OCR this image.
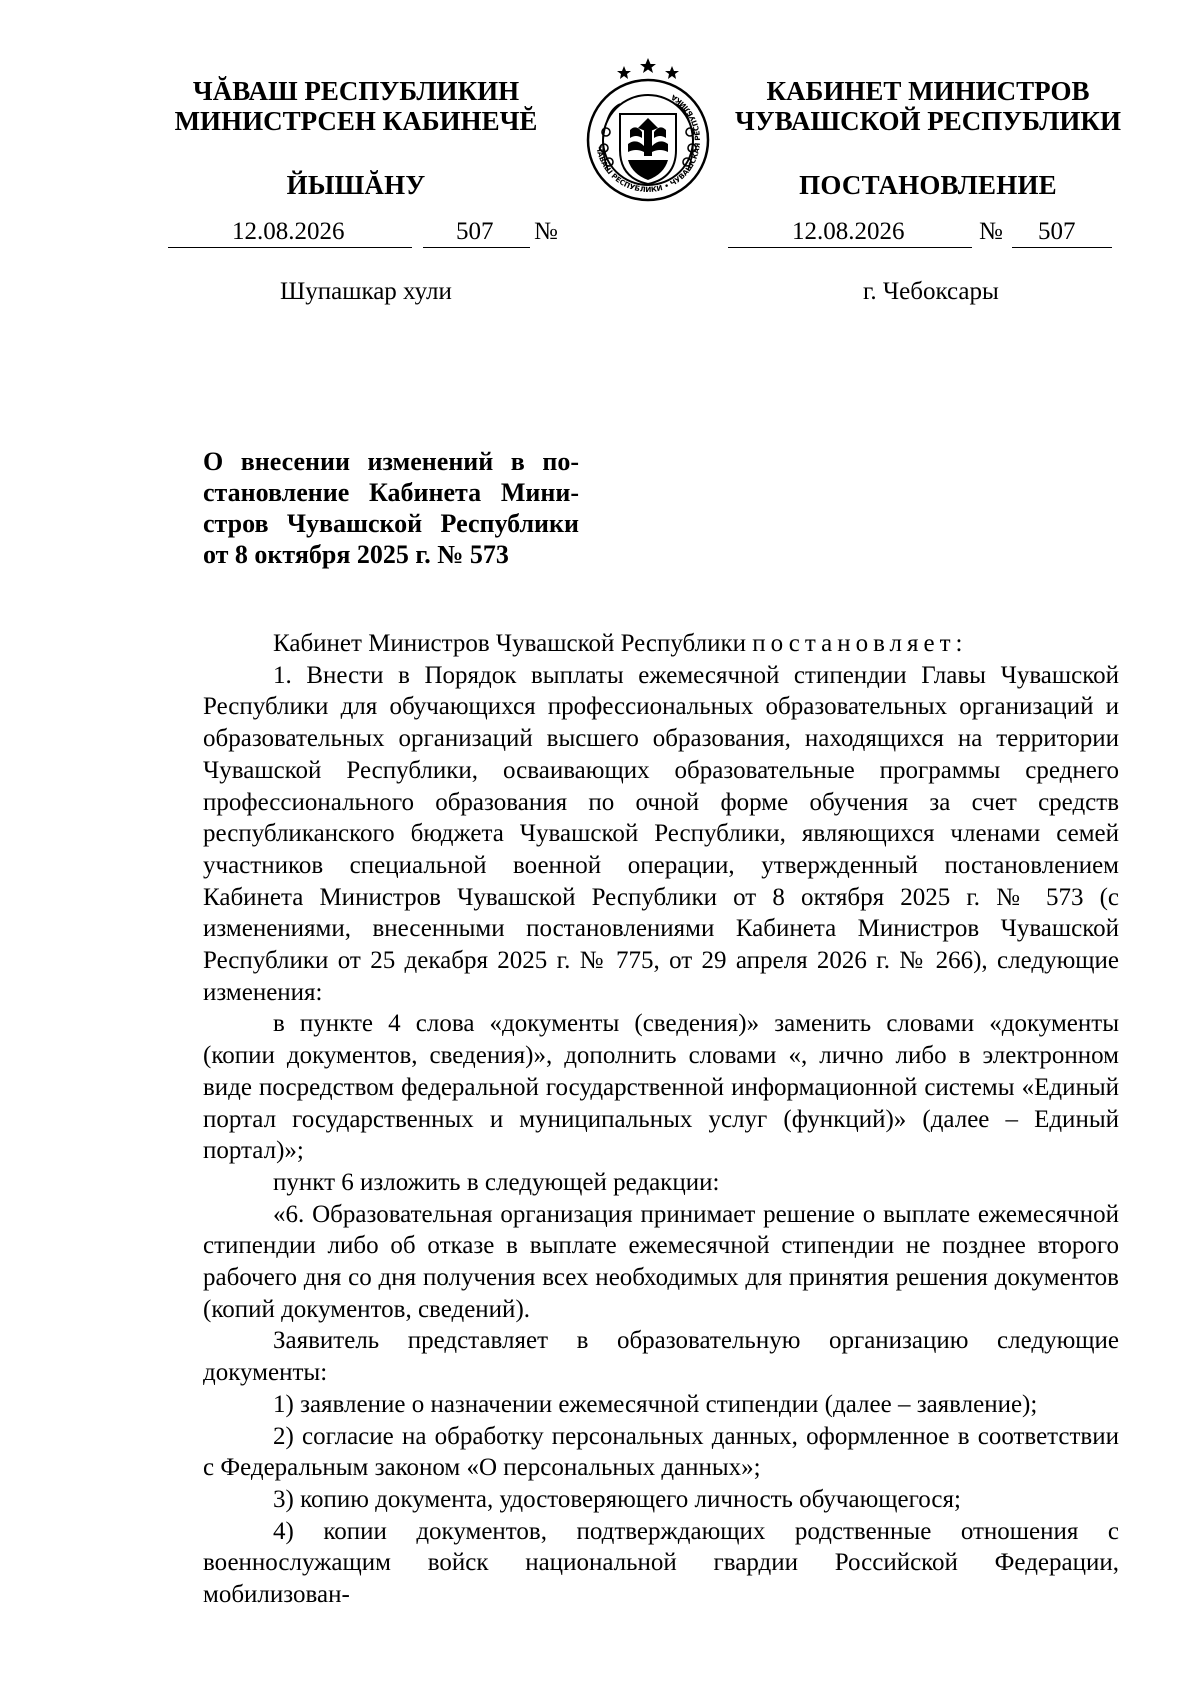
ЧĂВАШ РЕСПУБЛИКИН
МИНИСТРСЕН КАБИНЕЧĔ
ЙЫШĂНУ
ЧĂВАШ РЕСПУБЛИКИ • ЧУВАШСКАЯ РЕСПУБЛИКА	КАБИНЕТ МИНИСТРОВ
ЧУВАШСКОЙ РЕСПУБЛИКИ
ПОСТАНОВЛЕНИЕ
12.08.2026	507 №	12.08.2026	№ 507
Шупашкар хули	г. Чебоксары
О внесении изменений в по-
становление Кабинета Мини-
стров Чувашской Республики
от 8 октября 2025 г. № 573

Кабинет Министров Чувашской Республики постановляет:

1. Внести в Порядок выплаты ежемесячной стипендии Главы Чувашской Республики для обучающихся профессиональных образовательных организаций и образовательных организаций высшего образования, находящихся на территории Чувашской Республики, осваивающих образовательные программы среднего профессионального образования по очной форме обучения за счет средств республиканского бюджета Чувашской Республики, являющихся членами семей участников специальной военной операции, утвержденный постановлением Кабинета Министров Чувашской Республики от 8 октября 2025 г. № 573 (с изменениями, внесенными постановлениями Кабинета Министров Чувашской Республики от 25 декабря 2025 г. № 775, от 29 апреля 2026 г. № 266), следующие изменения:

в пункте 4 слова «документы (сведения)» заменить словами «документы (копии документов, сведения)», дополнить словами «, лично либо в электронном виде посредством федеральной государственной информационной системы «Единый портал государственных и муниципальных услуг (функций)» (далее – Единый портал)»;

пункт 6 изложить в следующей редакции:

«6. Образовательная организация принимает решение о выплате ежемесячной стипендии либо об отказе в выплате ежемесячной стипендии не позднее второго рабочего дня со дня получения всех необходимых для принятия решения документов (копий документов, сведений).

Заявитель представляет в образовательную организацию следующие документы:

1) заявление о назначении ежемесячной стипендии (далее – заявление);

2) согласие на обработку персональных данных, оформленное в соответствии с Федеральным законом «О персональных данных»;

3) копию документа, удостоверяющего личность обучающегося;

4) копии документов, подтверждающих родственные отношения с военнослужащим войск национальной гвардии Российской Федерации, мобилизован-
